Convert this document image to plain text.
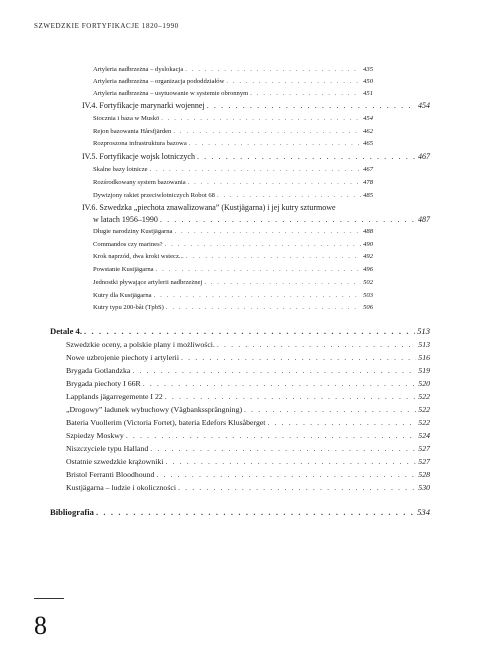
SZWEDZKIE FORTYFIKACJE 1820–1990
Artyleria nadbrzeżna – dyslokacja . . .	435
Artyleria nadbrzeżna – organizacja pododdziałów . . .	450
Artyleria nadbrzeżna – usytuowanie w systemie obronnym . . .	451
IV.4. Fortyfikacje marynarki wojennej . . .	454
Stocznia i baza w Muskö . . .	454
Rejon bazowania Hårsfjärden . . .	462
Rozproszona infrastruktura bazowa . . .	465
IV.5. Fortyfikacje wojsk lotniczych . . .	467
Skalne bazy lotnicze . . .	467
Rozśrodkowany system bazowania . . .	478
Dywizjony rakiet przeciwlotniczych Robot 68 . . .	485
IV.6. Szwedzka „piechota znawalizowana” (Kustjägarna) i jej kutry szturmowe
w latach 1956–1990 . . .	487
Długie narodziny Kustjägarna . . .	488
Commandos czy marines? . . .	490
Krok naprzód, dwa kroki wstecz... . . .	492
Powstanie Kustjägarna . . .	496
Jednostki pływające artylerii nadbrzeżnej . . .	502
Kutry dla Kustjägarna . . .	503
Kutry typu 200-båt (TpbS) . . .	506
Detale 4. . . .	513
Szwedzkie oceny, a polskie plany i możliwości. . . .	513
Nowe uzbrojenie piechoty i artylerii . . .	516
Brygada Gotlandzka . . .	519
Brygada piechoty I 66R . . .	520
Lapplands jägarregemente I 22 . . .	522
„Drogowy” ładunek wybuchowy (Vägbankssprängning) . . .	522
Bateria Vuollerim (Victoria Fortet), bateria Edefors Klusåberget . . .	522
Szpiedzy Moskwy . . .	524
Niszczyciele typu Halland . . .	527
Ostatnie szwedzkie krążowniki . . .	527
Bristol Ferranti Bloodhound . . .	528
Kustjägarna – ludzie i okoliczności . . .	530
Bibliografia . . .	534
8
